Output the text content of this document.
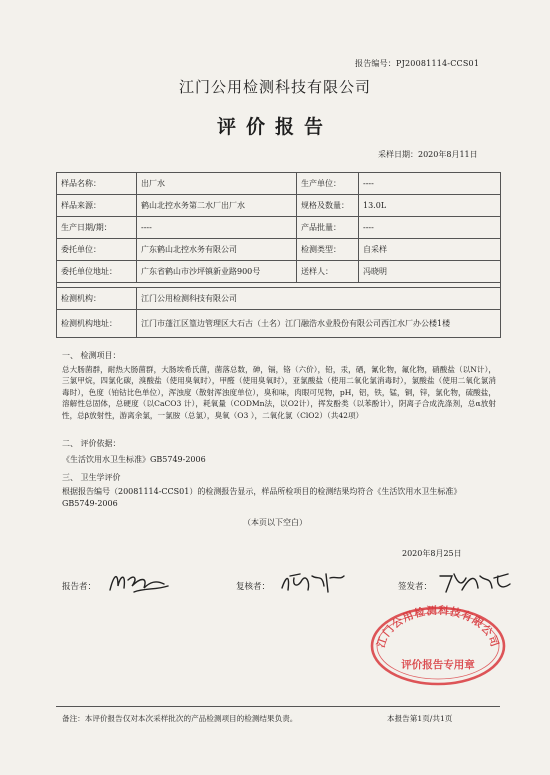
报告编号：PJ20081114-CCS01
江门公用检测科技有限公司
评价报告
采样日期：2020年8月11日
样品名称：	出厂水	生产单位：	----
样品来源：	鹤山北控水务第二水厂出厂水	规格及数量：	13.0L
生产日期/期：	----	产品批量：	----
委托单位：	广东鹤山北控水务有限公司	检测类型：	自采样
委托单位地址：	广东省鹤山市沙坪镇新业路900号	送样人：	冯晓明

检测机构：	江门公用检测科技有限公司		
检测机构地址：	江门市蓬江区篁边管理区大石古（土名）江门融浩水业股份有限公司西江水厂办公楼1楼		
一、 检测项目：
总大肠菌群，耐热大肠菌群，大肠埃希氏菌，菌落总数，砷，镉，铬（六价），铅，汞，硒，氰化物，氟化物，硝酸盐（以N计），三氯甲烷，四氯化碳，溴酸盐（使用臭氧时），甲醛（使用臭氧时），亚氯酸盐（使用二氧化氯消毒时），氯酸盐（使用二氧化氯消毒时），色度（铂钴比色单位），浑浊度（散射浑浊度单位），臭和味，肉眼可见物，pH，铝，铁，锰，铜，锌，氯化物，硫酸盐，溶解性总固体，总硬度（以CaCO3 计），耗氧量（CODMn法，以O2计），挥发酚类（以苯酚计），阴离子合成洗涤剂，总α放射性，总β放射性，游离余氯，一氯胺（总氯），臭氧（O3 ），二氧化氯（ClO2）（共42项）
二、 评价依据：
《生活饮用水卫生标准》GB5749-2006
三、 卫生学评价
根据报告编号（20081114-CCS01）的检测报告显示，样品所检项目的检测结果均符合《生活饮用水卫生标准》GB5749-2006
（本页以下空白）
2020年8月25日
报告者：	复核者：	签发者：
江门公用检测科技有限公司
评价报告专用章
备注：本评价报告仅对本次采样批次的产品检测项目的检测结果负责。	本报告第1页/共1页
